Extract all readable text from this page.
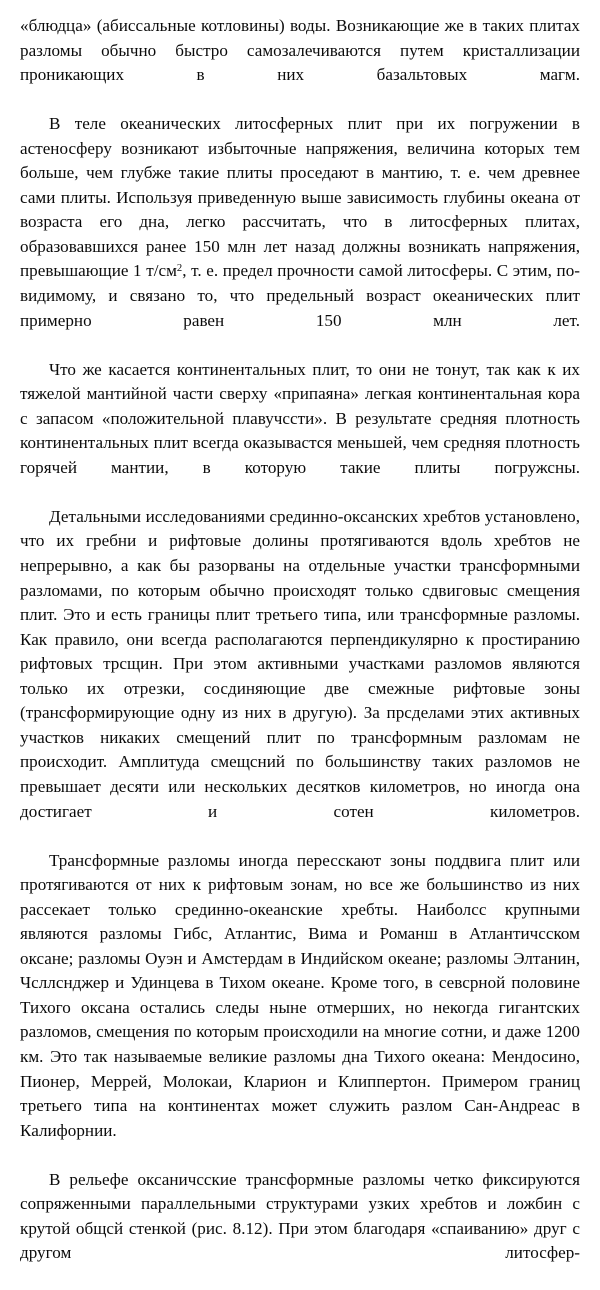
«блюдца» (абиссальные котловины) воды. Возникающие же в таких плитах разломы обычно быстро самозалечиваются путем кристаллизации проникающих в них базальтовых магм.

В теле океанических литосферных плит при их погружении в астеносферу возникают избыточные напряжения, величина которых тем больше, чем глубже такие плиты проседают в мантию, т. е. чем древнее сами плиты. Используя приведенную выше зависимость глубины океана от возраста его дна, легко рассчитать, что в литосферных плитах, образовавшихся ранее 150 млн лет назад должны возникать напряжения, превышающие 1 $т/см^2$, т. е. предел прочности самой литосферы. С этим, по-видимому, и связано то, что предельный возраст океанических плит примерно равен 150 млн лет.

Что же касается континентальных плит, то они не тонут, так как к их тяжелой мантийной части сверху «припаяна» легкая континентальная кора с запасом «положительной плавучссти». В результате средняя плотность континентальных плит всегда оказывастся меньшей, чем средняя плотность горячей мантии, в которую такие плиты погружсны.

Детальными исследованиями срединно-оксанских хребтов установлено, что их гребни и рифтовые долины протягиваются вдоль хребтов не непрерывно, а как бы разорваны на отдельные участки трансформными разломами, по которым обычно происходят только сдвиговыс смещения плит. Это и есть границы плит третьего типа, или трансформные разломы. Как правило, они всегда располагаются перпендикулярно к простиранию рифтовых трсщин. При этом активными участками разломов являются только их отрезки, сосдиняющие две смежные рифтовые зоны (трансформирующие одну из них в другую). За прсделами этих активных участков никаких смещений плит по трансформным разломам не происходит. Амплитуда смещсний по большинству таких разломов не превышает десяти или нескольких десятков километров, но иногда она достигает и сотен километров.

Трансформные разломы иногда пересскают зоны поддвига плит или протягиваются от них к рифтовым зонам, но все же большинство из них рассекает только срединно-океанские хребты. Наиболсс крупными являются разломы Гибс, Атлантис, Вима и Романш в Атлантичсском оксане; разломы Оуэн и Амстердам в Индийском океане; разломы Элтанин, Чсллснджер и Удинцева в Тихом океане. Кроме того, в севсрной половине Тихого оксана остались следы ныне отмерших, но некогда гигантских разломов, смещения по которым происходили на многие сотни, и даже 1200 км. Это так называемые великие разломы дна Тихого океана: Мендосино, Пионер, Меррей, Молокаи, Кларион и Клиппертон. Примером границ третьего типа на континентах может служить разлом Сан-Андреас в Калифорнии.

В рельефе оксаничсские трансформные разломы четко фиксируются сопряженными параллельными структурами узких хребтов и ложбин с крутой общсй стенкой (рис. 8.12). При этом благодаря «спаиванию» друг с другом литосфер-
